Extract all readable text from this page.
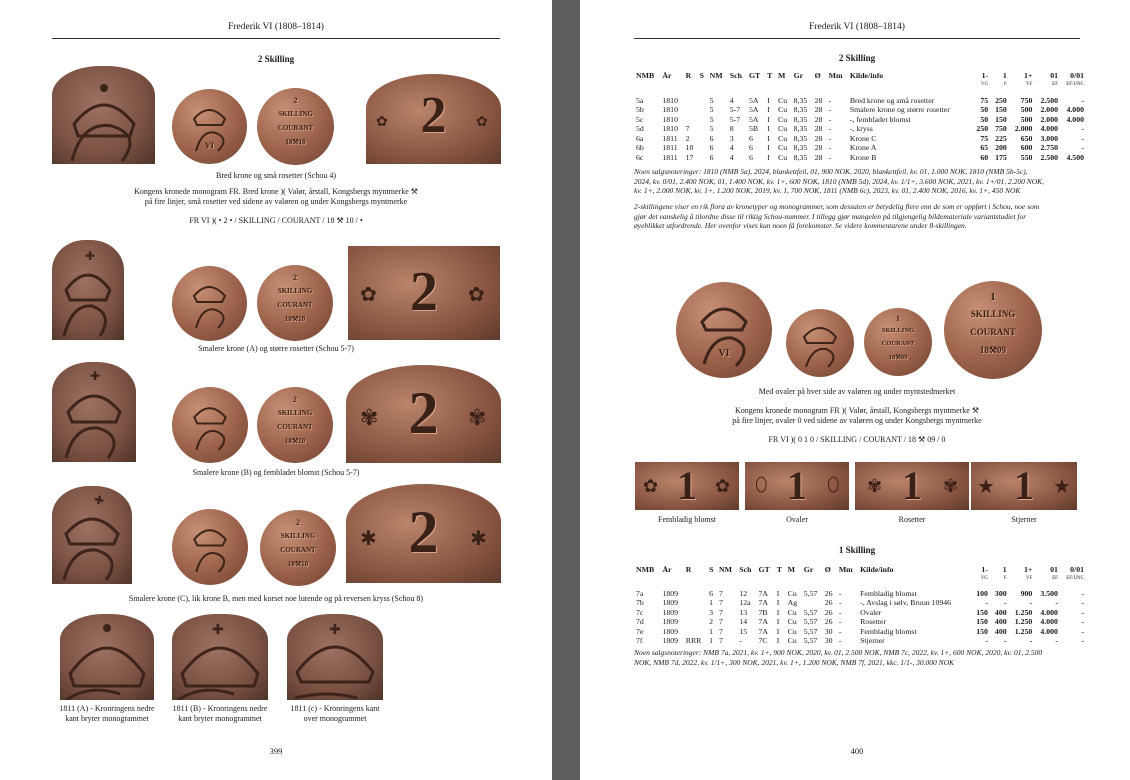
Frederik VI (1808–1814)
2 Skilling
VI
2
SKILLING
COURANT
18⚒10	2
✿	✿
Bred krone og små rosetter (Schou 4)
Kongens kronede monogram FR. Bred krone )( Valør, årstall, Kongsbergs myntmerke ⚒
på fire linjer, små rosetter ved sidene av valøren og under Kongsbergs myntmerke
FR VI )( • 2 • / SKILLING / COURANT / 18 ⚒ 10 / •
✚
2
SKILLING
COURANT
18⚒10	2
✿	✿
Smalere krone (A) og større rosetter (Schou 5-7)
✚
2
SKILLING
COURANT
18⚒10	2
✾	✾
Smalere krone (B) og fembladet blomst (Schou 5-7)
✚
2
SKILLING
COURANT
18⚒10	2
✱	✱
Smalere krone (C), lik krone B, men med korset noe lutende og på reversen kryss (Schou 8)
✚	✚
1811 (A) - Kronringens nedre
kant bryter monogrammet
1811 (B) - Kronringens nedre
kant bryter monogrammet
1811 (c) - Kronringens kant
over monogrammet
399
Frederik VI (1808–1814)
2 Skilling
NMB	År	R	S	NM	Sch	GT	T	M	Gr	Ø	Mm	Kilde/info	1-	1	1+	01	0/01
													VG	F	VF	EF	EF/UNC

5a	1810			5	4	5A	I	Cu	8,35	28	-	Bred krone og små rosetter	75	250	750	2.500	-
5b	1810			5	5-7	5A	I	Cu	8,35	28	-	Smalere krone og større rosetter	50	150	500	2.000	4.000
5c	1810			5	5-7	5A	I	Cu	8,35	28	-	-, fembladet blomst	50	150	500	2.000	4.000
5d	1810	7		5	8	5B	I	Cu	8,35	28	-	-, kryss	250	750	2.000	4.000	-
6a	1811	2		6	3	6	I	Cu	8,35	28	-	Krone C	75	225	650	3.000	-
6b	1811	10		6	4	6	I	Cu	8,35	28	-	Krone A	65	200	600	2.750	-
6c	1811	17		6	4	6	I	Cu	8,35	28	-	Krone B	60	175	550	2.500	4.500
Noen salgsnoteringer: 1810 (NMB 5a), 2024, blankettfeil, 01, 900 NOK, 2020, blankettfeil, kv. 01, 1.000 NOK, 1810 (NMB 5b-5c),
2024, kv. 0/01, 2.400 NOK, 01, 1.400 NOK, kv. 1+, 600 NOK, 1810 (NMB 5d), 2024, kv. 1/1+, 3.600 NOK, 2021, kv. 1+/01, 2.200 NOK,
kv. 1+, 2.000 NOK, kv. 1+, 1.200 NOK, 2019, kv. 1, 700 NOK, 1811 (NMB 6c), 2023, kv. 01, 2.400 NOK, 2016, kv. 1+, 450 NOK
2-skillingene viser en rik flora av kronetyper og monogrammer, som dessuten er betydelig flere enn de som er oppført i Schou, noe som
gjør det vanskelig å tilordne disse til riktig Schou-nummer. I tillegg gjør mangelen på tilgjengelig bildemateriale variantstudiet for
øyeblikket utfordrende. Her ovenfor vises kun noen få forekomster. Se videre kommentarene under 8-skillingen.
VI
1
SKILLING
COURANT
18⚒09
1
SKILLING
COURANT
18⚒09
Med ovaler på hver side av valøren og under myntstedmerket
Kongens kronede monogram FR )( Valør, årstall, Kongsbergs myntmerke ⚒
på fire linjer, ovaler 0 ved sidene av valøren og under Kongsbergs myntmerke
FR VI )( 0 1 0 / SKILLING / COURANT / 18 ⚒ 09 / 0
1
✿	✿	1
⬯	⬯	1
✾	✾	1
★	★
Fembladig blomst	Ovaler	Rosetter	Stjerner
1 Skilling
NMB	År	R	S	NM	Sch	GT	T	M	Gr	Ø	Mm	Kilde/info	1-	1	1+	01	0/01
													VG	F	VF	EF	EF/UNC

7a	1809		6	7	12	7A	I	Cu	5,57	26	-	Fembladig blomst	100	300	900	3.500	-
7b	1809		1	7	12a	7A	I	Ag		26	-	-, Avslag i sølv, Bruun 10946	-	-	-	-	-
7c	1809		3	7	13	7B	I	Cu	5,57	26	-	Ovaler	150	400	1.250	4.000	-
7d	1809		2	7	14	7A	I	Cu	5,57	26	-	Rosetter	150	400	1.250	4.000	-
7e	1809		1	7	15	7A	I	Cu	5,57	30	-	Fembladig blomst	150	400	1.250	4.000	-
7f	1809	RRR	1	7	-	7C	I	Cu	5,57	30	-	Stjerner	-	-	-	-	-
Noen salgsnoteringer: NMB 7a, 2021, kv. 1+, 900 NOK, 2020, kv. 01, 2.500 NOK, NMB 7c, 2022, kv. 1+, 600 NOK, 2020, kv. 01, 2.500
NOK, NMB 7d, 2022, kv. 1/1+, 300 NOK, 2021, kv. 1+, 1.200 NOK, NMB 7f, 2021, kkc. 1/1-, 30.000 NOK
400
